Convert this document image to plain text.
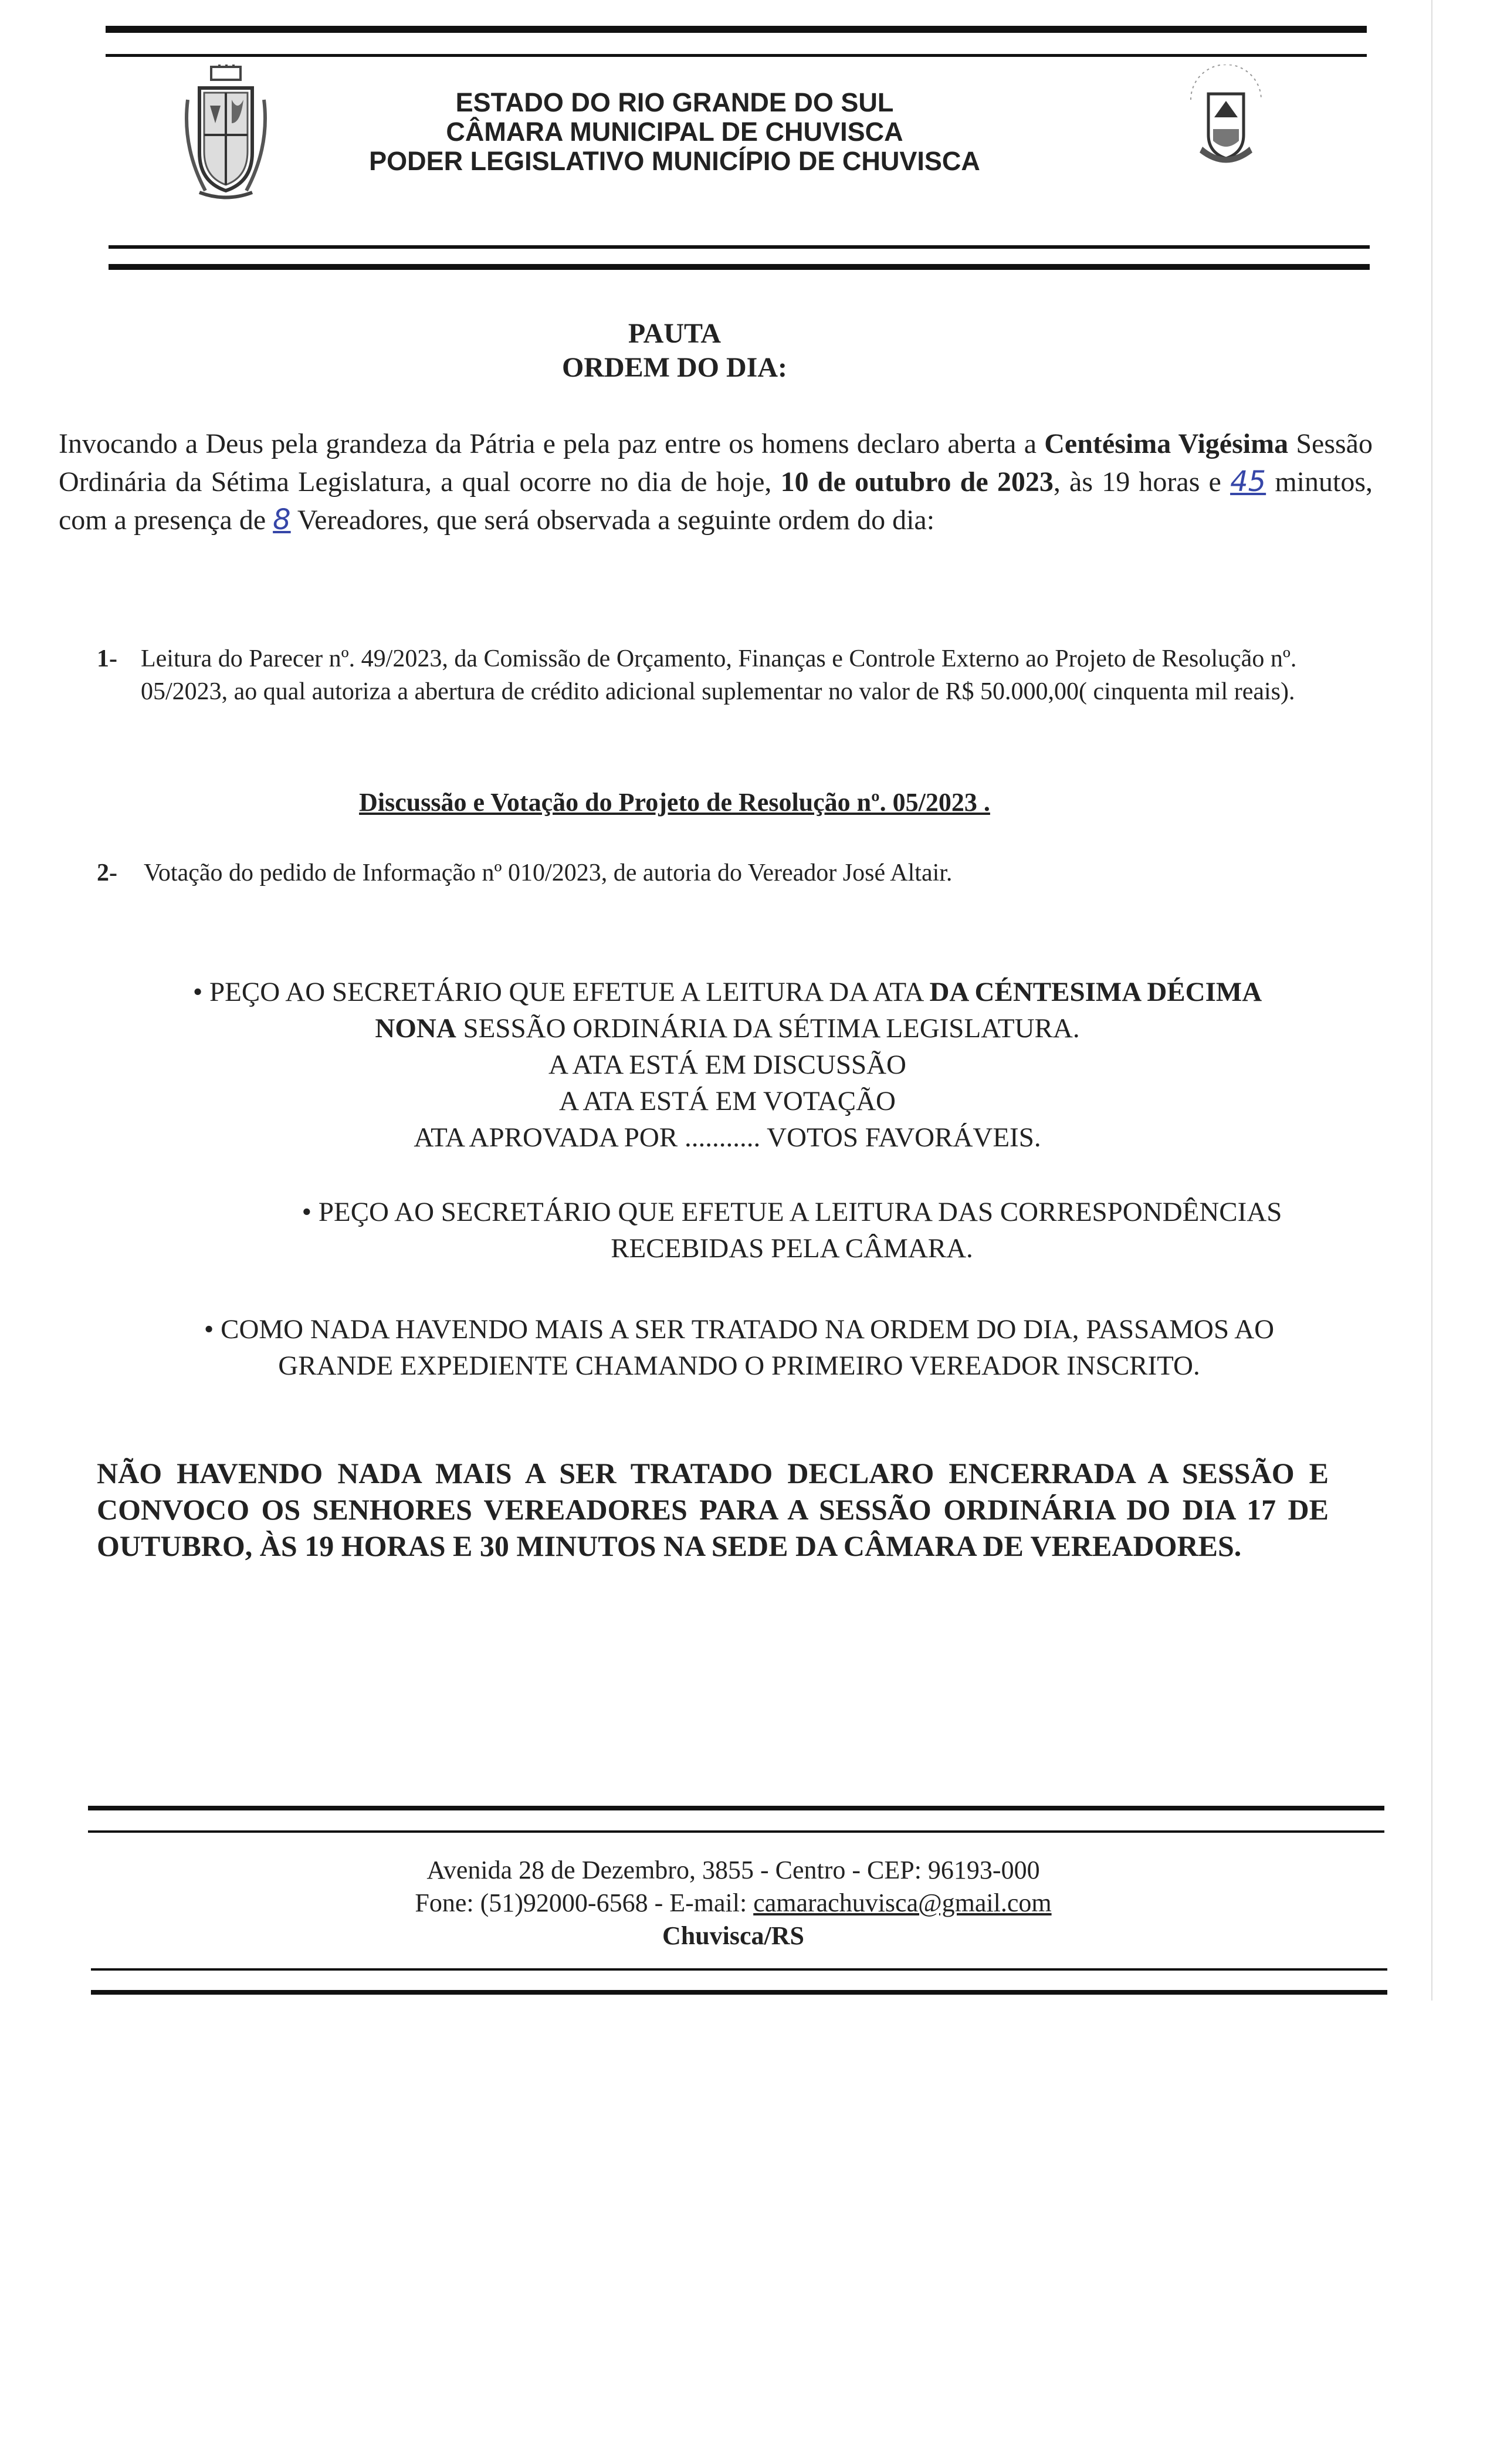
ESTADO DO RIO GRANDE DO SUL
CÂMARA MUNICIPAL DE CHUVISCA
PODER LEGISLATIVO MUNICÍPIO DE CHUVISCA
PAUTA
ORDEM DO DIA:
Invocando a Deus pela grandeza da Pátria e pela paz entre os homens declaro aberta a Centésima Vigésima Sessão Ordinária da Sétima Legislatura, a qual ocorre no dia de hoje, 10 de outubro de 2023, às 19 horas e 45 minutos, com a presença de 8 Vereadores, que será observada a seguinte ordem do dia:
1- Leitura do Parecer nº. 49/2023, da Comissão de Orçamento, Finanças e Controle Externo ao Projeto de Resolução nº. 05/2023, ao qual autoriza a abertura de crédito adicional suplementar no valor de R$ 50.000,00( cinquenta mil reais).
Discussão e Votação do Projeto de Resolução nº. 05/2023 .
2- Votação do pedido de Informação nº 010/2023, de autoria do Vereador José Altair.
• PEÇO AO SECRETÁRIO QUE EFETUE A LEITURA DA ATA DA CÉNTESIMA DÉCIMA NONA SESSÃO ORDINÁRIA DA SÉTIMA LEGISLATURA.
A ATA ESTÁ EM DISCUSSÃO
A ATA ESTÁ EM VOTAÇÃO
ATA APROVADA POR ........... VOTOS FAVORÁVEIS.
• PEÇO AO SECRETÁRIO QUE EFETUE A LEITURA DAS CORRESPONDÊNCIAS RECEBIDAS PELA CÂMARA.
• COMO NADA HAVENDO MAIS A SER TRATADO NA ORDEM DO DIA, PASSAMOS AO GRANDE EXPEDIENTE CHAMANDO O PRIMEIRO VEREADOR INSCRITO.
NÃO HAVENDO NADA MAIS A SER TRATADO DECLARO ENCERRADA A SESSÃO E CONVOCO OS SENHORES VEREADORES PARA A SESSÃO ORDINÁRIA DO DIA 17 DE OUTUBRO, ÀS 19 HORAS E 30 MINUTOS NA SEDE DA CÂMARA DE VEREADORES.
Avenida 28 de Dezembro, 3855 - Centro - CEP: 96193-000
Fone: (51)92000-6568 - E-mail: camarachuvisca@gmail.com
Chuvisca/RS
